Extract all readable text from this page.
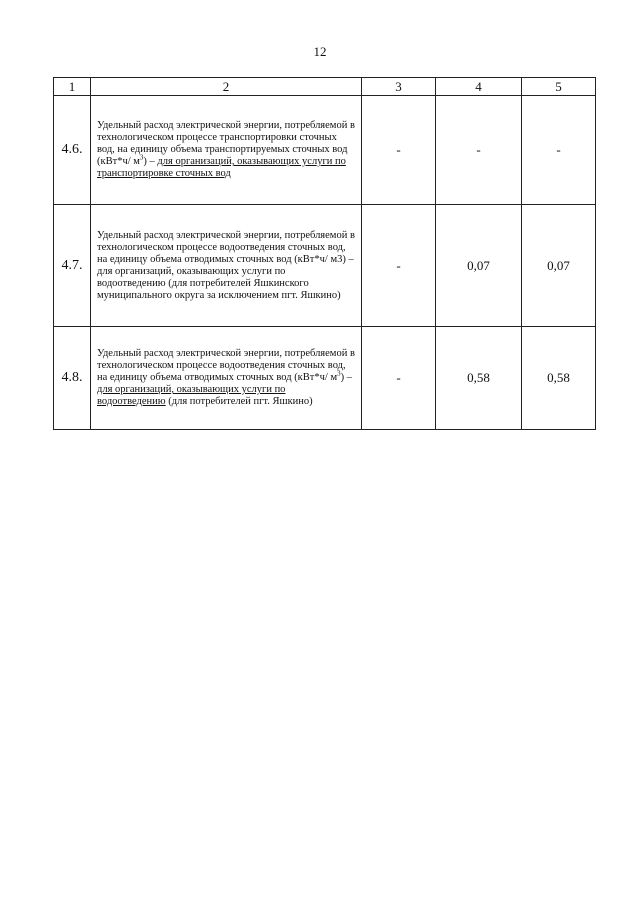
12
1	2	3	4	5
4.6.	Удельный расход электрической энергии, потребляемой в технологическом процессе транспортировки сточных вод, на единицу объема транспортируемых сточных вод (кВт*ч/ $м^3$) – для организаций, оказывающих услуги по транспортировке сточных вод	-	-	-
4.7.	Удельный расход электрической энергии, потребляемой в технологическом процессе водоотведения сточных вод, на единицу объема отводимых сточных вод (кВт*ч/ м3) – для организаций, оказывающих услуги по водоотведению (для потребителей Яшкинского муниципального округа за исключением пгт. Яшкино)	-	0,07	0,07
4.8.	Удельный расход электрической энергии, потребляемой в технологическом процессе водоотведения сточных вод, на единицу объема отводимых сточных вод (кВт*ч/ $м^3$) – для организаций, оказывающих услуги по водоотведению (для потребителей пгт. Яшкино)	-	0,58	0,58
